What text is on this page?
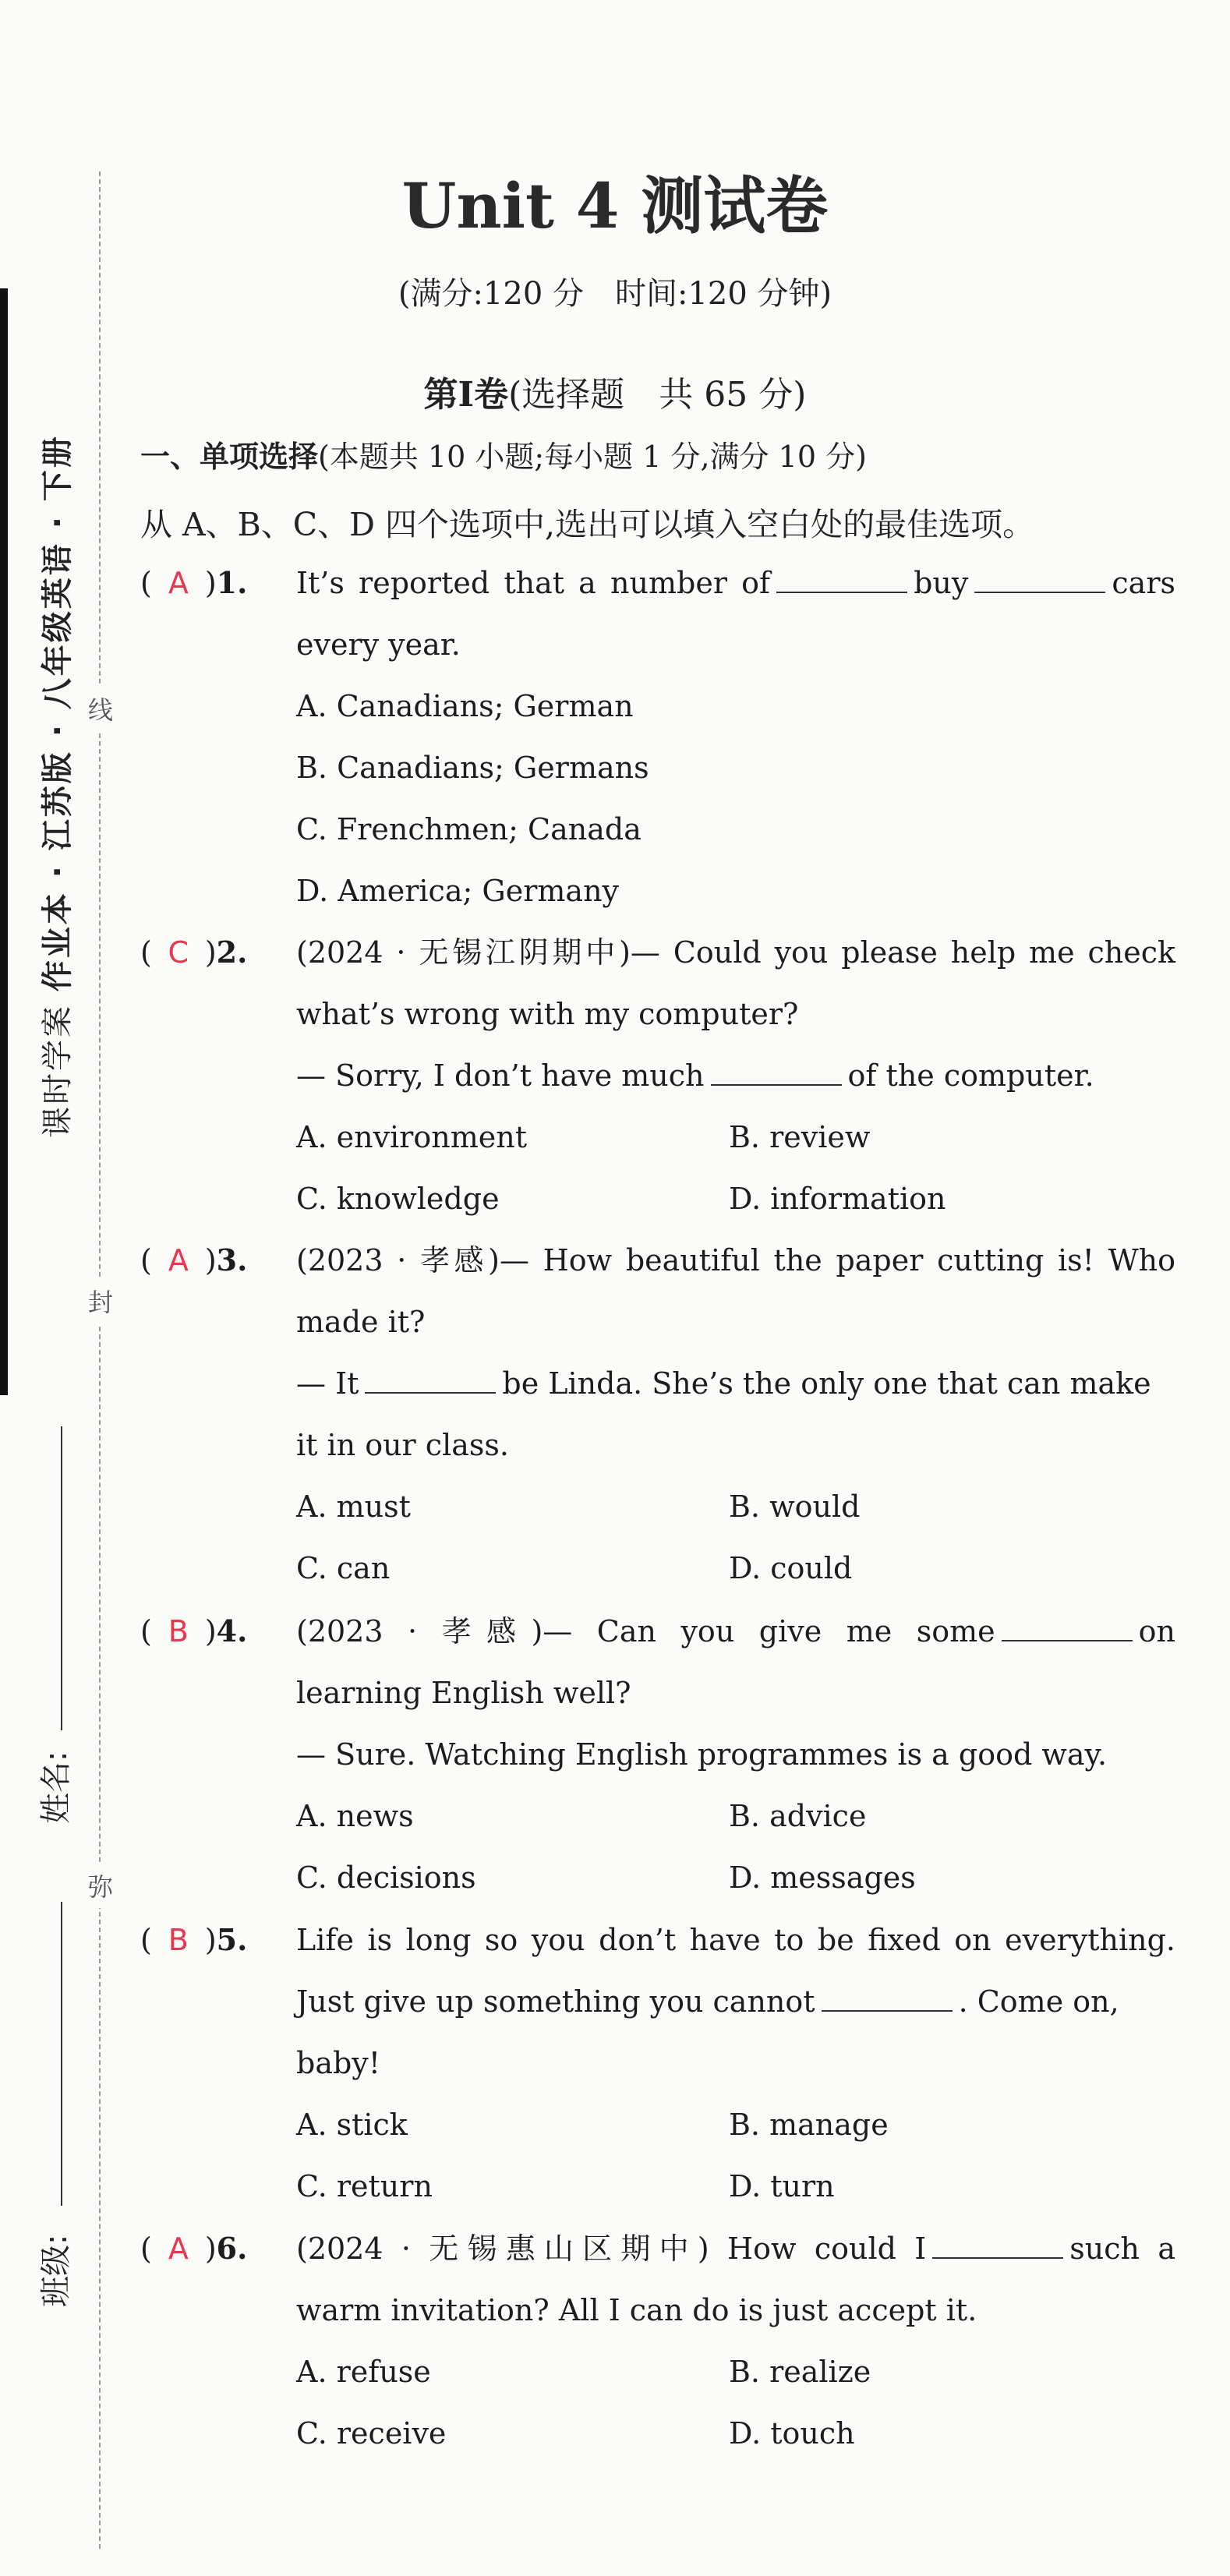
课时学案 作业本 · 江苏版 · 八年级英语 · 下册
姓名:
班级:
线
封
弥
Unit 4 测试卷
(满分:120 分　时间:120 分钟)
第Ⅰ卷(选择题　共 65 分)
一、单项选择(本题共 10 小题;每小题 1 分,满分 10 分)
从 A、B、C、D 四个选项中,选出可以填入空白处的最佳选项。
( A )1.	It’s reported that a number of	buy	cars
every year.
A. Canadians; German
B. Canadians; Germans
C. Frenchmen; Canada
D. America; Germany
( C )2.	(2024 · 无锡江阴期中)— Could you please help me check
what’s wrong with my computer?
— Sorry, I don’t have much	of the computer.
A. environment	B. review
C. knowledge	D. information
( A )3.	(2023 · 孝感)— How beautiful the paper cutting is! Who
made it?
— It	be Linda. She’s the only one that can make
it in our class.
A. must	B. would
C. can	D. could
( B )4.	(2023 · 孝感)— Can you give me some	on
learning English well?
— Sure. Watching English programmes is a good way.
A. news	B. advice
C. decisions	D. messages
( B )5.	Life is long so you don’t have to be fixed on everything.
Just give up something you cannot	. Come on,
baby!
A. stick	B. manage
C. return	D. turn
( A )6.	(2024 · 无锡惠山区期中) How could I	such a
warm invitation? All I can do is just accept it.
A. refuse	B. realize
C. receive	D. touch
